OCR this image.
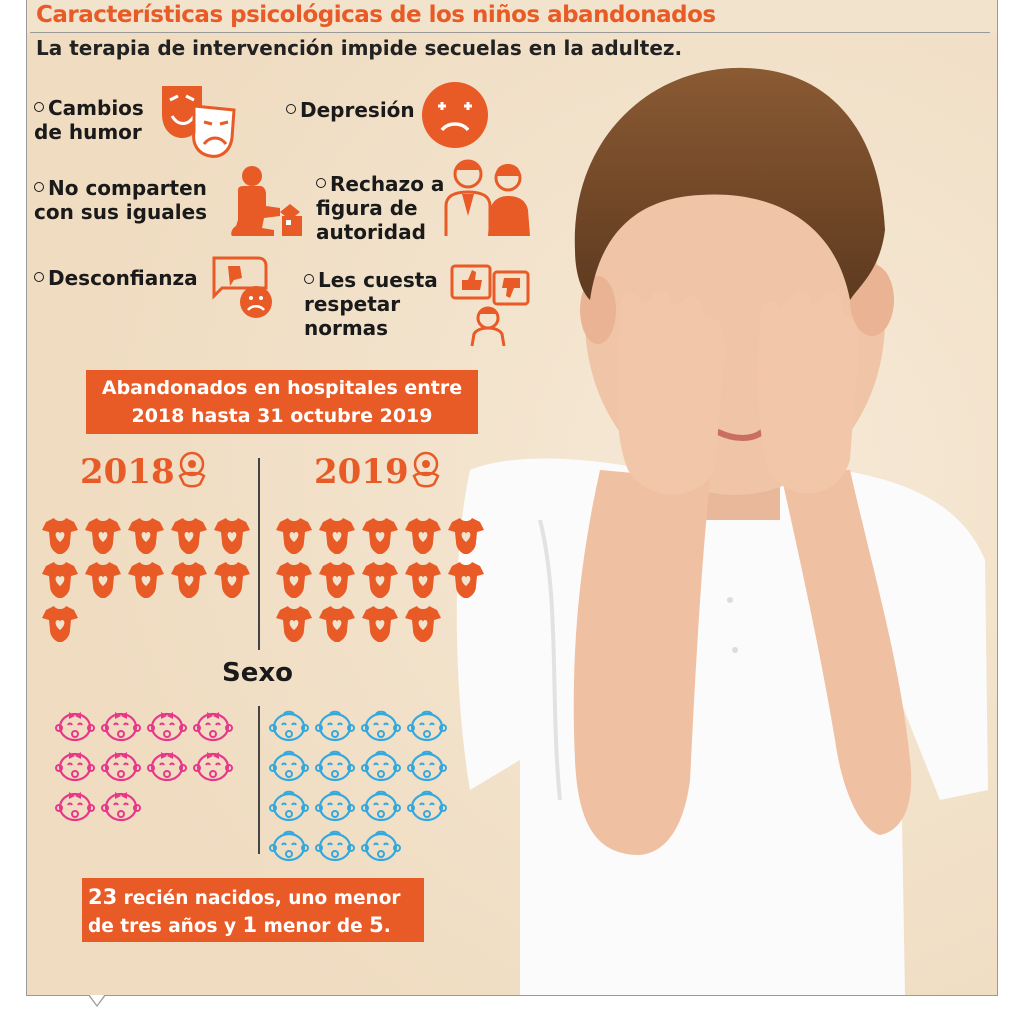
Características psicológicas de los niños abandonados
La terapia de intervención impide secuelas en la adultez.
Cambios
de humor
Depresión
No comparten
con sus iguales
Rechazo a
figura de
autoridad
Desconfianza	Les cuesta
respetar
normas
Abandonados en hospitales entre
2018 hasta 31 octubre 2019
2018	2019
Sexo
23 recién nacidos, uno menor
de tres años y 1 menor de 5.
